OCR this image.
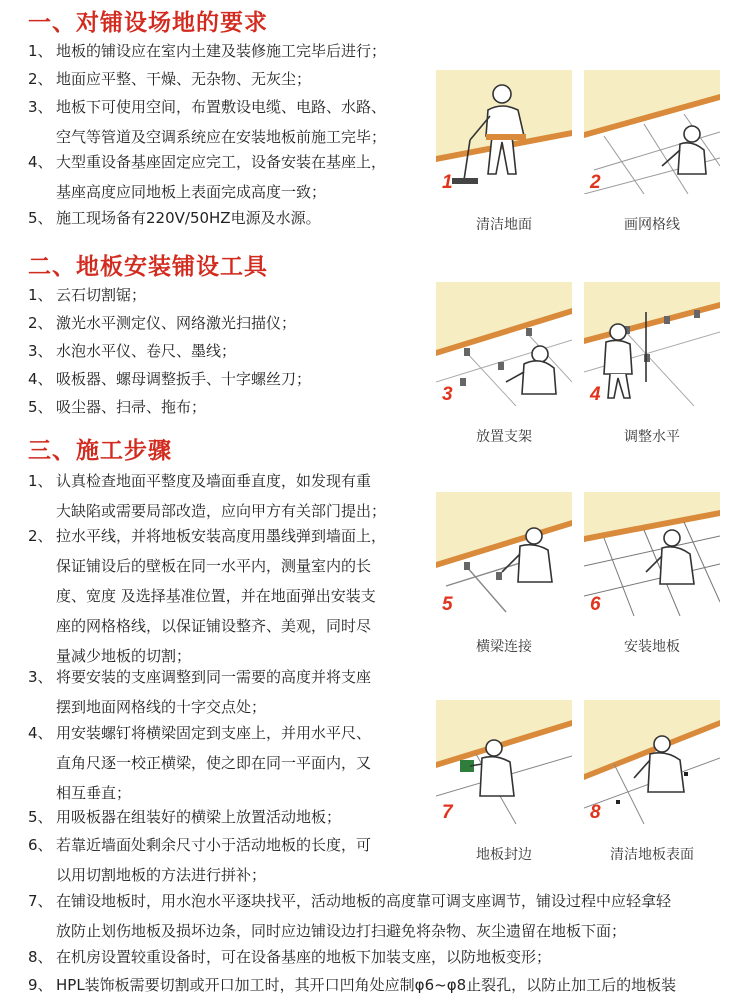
一、对铺设场地的要求
1、 地板的铺设应在室内土建及装修施工完毕后进行；
2、 地面应平整、干燥、无杂物、无灰尘；
3、 地板下可使用空间，布置敷设电缆、电路、水路、
空气等管道及空调系统应在安装地板前施工完毕；
4、 大型重设备基座固定应完工，设备安装在基座上，
基座高度应同地板上表面完成高度一致；
5、 施工现场备有220V/50HZ电源及水源。
二、地板安装铺设工具
1、 云石切割锯；
2、 激光水平测定仪、网络激光扫描仪；
3、 水泡水平仪、卷尺、墨线；
4、 吸板器、螺母调整扳手、十字螺丝刀；
5、 吸尘器、扫帚、拖布；
三、施工步骤
1、 认真检查地面平整度及墙面垂直度，如发现有重
大缺陷或需要局部改造，应向甲方有关部门提出；
2、 拉水平线，并将地板安装高度用墨线弹到墙面上，
保证铺设后的壁板在同一水平内，测量室内的长
度、宽度 及选择基准位置，并在地面弹出安装支
座的网格格线，以保证铺设整齐、美观，同时尽
量减少地板的切割；
3、 将要安装的支座调整到同一需要的高度并将支座
摆到地面网格线的十字交点处；
4、 用安装螺钉将横梁固定到支座上，并用水平尺、
直角尺逐一校正横梁，使之即在同一平面内，又
相互垂直；
5、 用吸板器在组装好的横梁上放置活动地板；
6、 若靠近墙面处剩余尺寸小于活动地板的长度，可
以用切割地板的方法进行拼补；
7、 在铺设地板时，用水泡水平逐块找平，活动地板的高度靠可调支座调节，铺设过程中应轻拿轻
放防止划伤地板及损坏边条，同时应边铺设边打扫避免将杂物、灰尘遗留在地板下面；
8、 在机房设置较重设备时，可在设备基座的地板下加装支座，以防地板变形；
9、 HPL装饰板需要切割或开口加工时，其开口凹角处应制φ6~φ8止裂孔，以防止加工后的地板装
1
清洁地面
2
画网格线
3
放置支架
4
调整水平
5
横梁连接
6
安装地板
7
地板封边
8
清洁地板表面
